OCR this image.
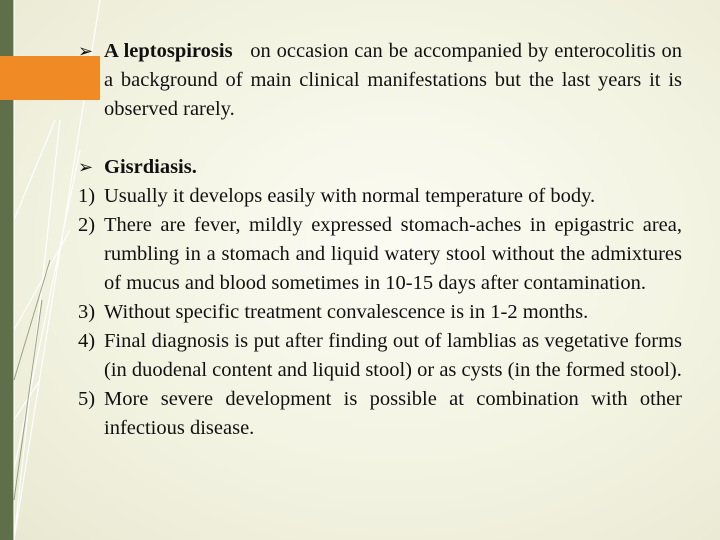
➢ A leptospirosis on occasion can be accompanied by enterocolitis on a background of main clinical manifestations but the last years it is observed rarely.
➢ Gisrdiasis.
1) Usually it develops easily with normal temperature of body.
2) There are fever, mildly expressed stomach-aches in epigastric area, rumbling in a stomach and liquid watery stool without the admixtures of mucus and blood sometimes in 10-15 days after contamination.
3) Without specific treatment convalescence is in 1-2 months.
4) Final diagnosis is put after finding out of lamblias as vegetative forms (in duodenal content and liquid stool) or as cysts (in the formed stool).
5) More severe development is possible at combination with other infectious disease.
